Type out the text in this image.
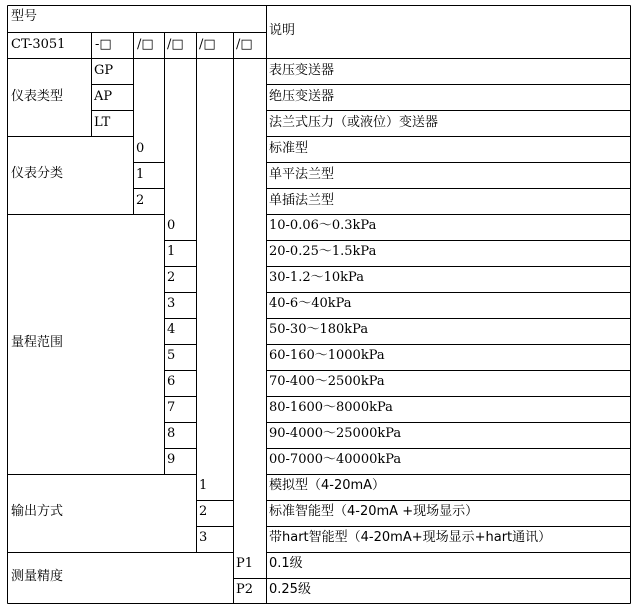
型号
说明
CT-3051 -□ /□ /□ /□ /□
仪表类型
仪表分类
量程范围
输出方式
测量精度
GP
AP
LT
表压变送器
绝压变送器
法兰式压力（或液位）变送器
0
1
2
标准型
单平法兰型
单插法兰型
0
1
2
3
4
5
6
7
8
9
10-0.06～0.3kPa
20-0.25～1.5kPa
30-1.2～10kPa
40-6～40kPa
50-30～180kPa
60-160～1000kPa
70-400～2500kPa
80-1600～8000kPa
90-4000～25000kPa
00-7000～40000kPa
1
2
3
模拟型（4-20mA）
标准智能型（4-20mA +现场显示）
带hart智能型（4-20mA+现场显示+hart通讯）
P1
P2
0.1级
0.25级
